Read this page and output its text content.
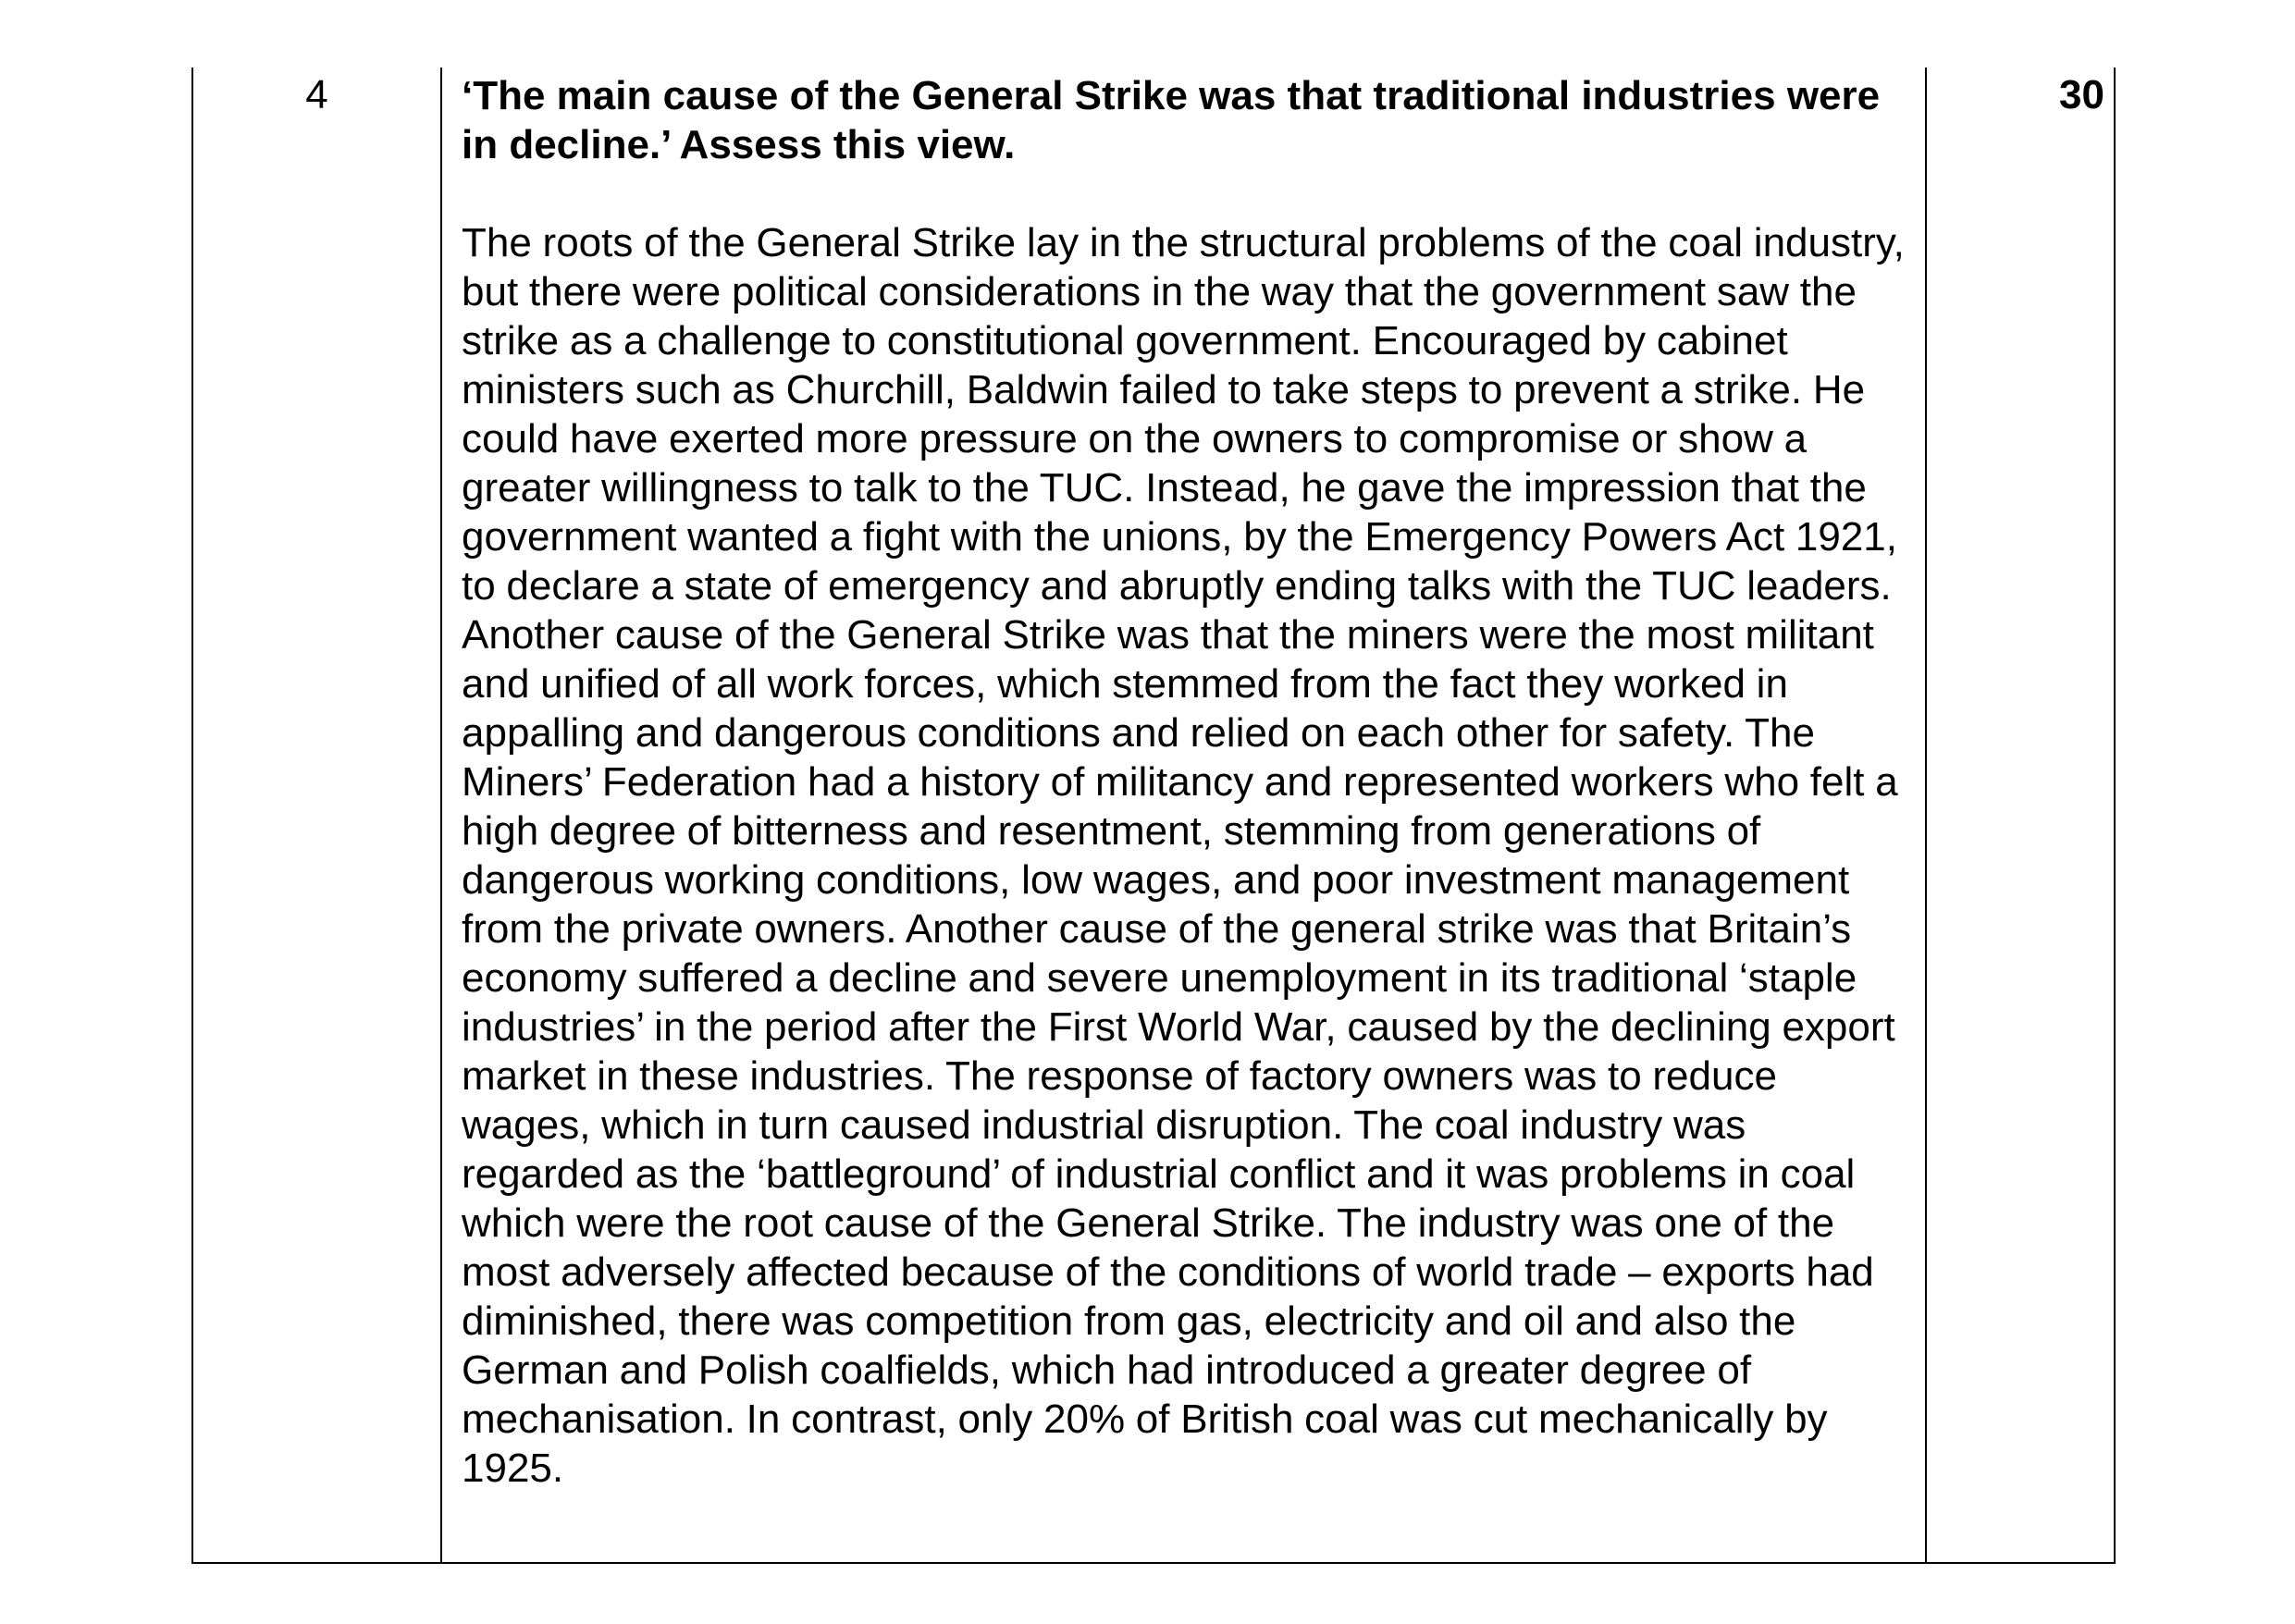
4	‘The main cause of the General Strike was that traditional industries were in decline.’ Assess this view.

The roots of the General Strike lay in the structural problems of the coal industry, but there were political considerations in the way that the government saw the strike as a challenge to constitutional government. Encouraged by cabinet ministers such as Churchill, Baldwin failed to take steps to prevent a strike. He could have exerted more pressure on the owners to compromise or show a greater willingness to talk to the TUC. Instead, he gave the impression that the government wanted a fight with the unions, by the Emergency Powers Act 1921, to declare a state of emergency and abruptly ending talks with the TUC leaders. Another cause of the General Strike was that the miners were the most militant and unified of all work forces, which stemmed from the fact they worked in appalling and dangerous conditions and relied on each other for safety. The Miners’ Federation had a history of militancy and represented workers who felt a high degree of bitterness and resentment, stemming from generations of dangerous working conditions, low wages, and poor investment management from the private owners. Another cause of the general strike was that Britain’s economy suffered a decline and severe unemployment in its traditional ‘staple industries’ in the period after the First World War, caused by the declining export market in these industries. The response of factory owners was to reduce wages, which in turn caused industrial disruption. The coal industry was regarded as the ‘battleground’ of industrial conflict and it was problems in coal which were the root cause of the General Strike. The industry was one of the most adversely affected because of the conditions of world trade – exports had diminished, there was competition from gas, electricity and oil and also the German and Polish coalfields, which had introduced a greater degree of mechanisation. In contrast, only 20% of British coal was cut mechanically by 1925.

30
